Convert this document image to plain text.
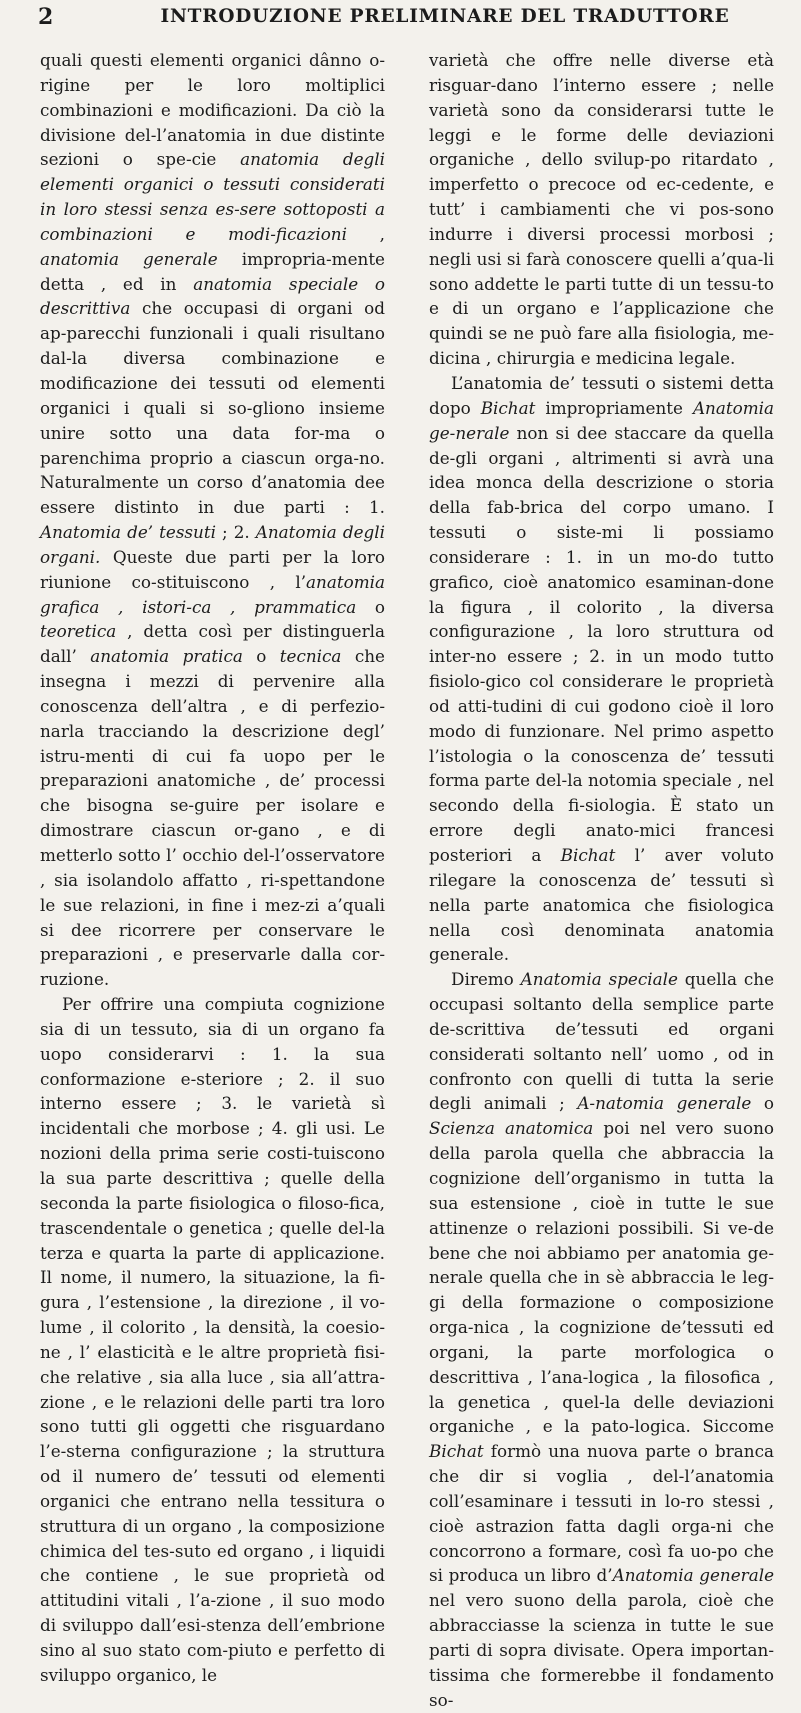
2	INTRODUZIONE PRELIMINARE DEL TRADUTTORE

quali questi elementi organici dânno o-rigine per le loro moltiplici combinazioni e modificazioni. Da ciò la divisione del-l’anatomia in due distinte sezioni o spe-cie anatomia degli elementi organici o tessuti considerati in loro stessi senza es-sere sottoposti a combinazioni e modi-ficazioni , anatomia generale impropria-mente detta , ed in anatomia speciale o descrittiva che occupasi di organi od ap-parecchi funzionali i quali risultano dal-la diversa combinazione e modificazione dei tessuti od elementi organici i quali si so-gliono insieme unire sotto una data for-ma o parenchima proprio a ciascun orga-no. Naturalmente un corso d’anatomia dee essere distinto in due parti : 1. Anatomia de’ tessuti ; 2. Anatomia degli organi. Queste due parti per la loro riunione co-stituiscono , l’anatomia grafica , istori-ca , prammatica o teoretica , detta così per distinguerla dall’ anatomia pratica o tecnica che insegna i mezzi di pervenire alla conoscenza dell’altra , e di perfezio-narla tracciando la descrizione degl’ istru-menti di cui fa uopo per le preparazioni anatomiche , de’ processi che bisogna se-guire per isolare e dimostrare ciascun or-gano , e di metterlo sotto l’ occhio del-l’osservatore , sia isolandolo affatto , ri-spettandone le sue relazioni, in fine i mez-zi a’quali si dee ricorrere per conservare le preparazioni , e preservarle dalla cor-ruzione.

Per offrire una compiuta cognizione sia di un tessuto, sia di un organo fa uopo considerarvi : 1. la sua conformazione e-steriore ; 2. il suo interno essere ; 3. le varietà sì incidentali che morbose ; 4. gli usi. Le nozioni della prima serie costi-tuiscono la sua parte descrittiva ; quelle della seconda la parte fisiologica o filoso-fica, trascendentale o genetica ; quelle del-la terza e quarta la parte di applicazione. Il nome, il numero, la situazione, la fi-gura , l’estensione , la direzione , il vo-lume , il colorito , la densità, la coesio-ne , l’ elasticità e le altre proprietà fisi-che relative , sia alla luce , sia all’attra-zione , e le relazioni delle parti tra loro sono tutti gli oggetti che risguardano l’e-sterna configurazione ; la struttura od il numero de’ tessuti od elementi organici che entrano nella tessitura o struttura di un organo , la composizione chimica del tes-suto ed organo , i liquidi che contiene , le sue proprietà od attitudini vitali , l’a-zione , il suo modo di sviluppo dall’esi-stenza dell’embrione sino al suo stato com-piuto e perfetto di sviluppo organico, le

varietà che offre nelle diverse età risguar-dano l’interno essere ; nelle varietà sono da considerarsi tutte le leggi e le forme delle deviazioni organiche , dello svilup-po ritardato , imperfetto o precoce od ec-cedente, e tutt’ i cambiamenti che vi pos-sono indurre i diversi processi morbosi ; negli usi si farà conoscere quelli a’qua-li sono addette le parti tutte di un tessu-to e di un organo e l’applicazione che quindi se ne può fare alla fisiologia, me-dicina , chirurgia e medicina legale.

L’anatomia de’ tessuti o sistemi detta dopo Bichat impropriamente Anatomia ge-nerale non si dee staccare da quella de-gli organi , altrimenti si avrà una idea monca della descrizione o storia della fab-brica del corpo umano. I tessuti o siste-mi li possiamo considerare : 1. in un mo-do tutto grafico, cioè anatomico esaminan-done la figura , il colorito , la diversa configurazione , la loro struttura od inter-no essere ; 2. in un modo tutto fisiolo-gico col considerare le proprietà od atti-tudini di cui godono cioè il loro modo di funzionare. Nel primo aspetto l’istologia o la conoscenza de’ tessuti forma parte del-la notomia speciale , nel secondo della fi-siologia. È stato un errore degli anato-mici francesi posteriori a Bichat l’ aver voluto rilegare la conoscenza de’ tessuti sì nella parte anatomica che fisiologica nella così denominata anatomia generale.

Diremo Anatomia speciale quella che occupasi soltanto della semplice parte de-scrittiva de’tessuti ed organi considerati soltanto nell’ uomo , od in confronto con quelli di tutta la serie degli animali ; A-natomia generale o Scienza anatomica poi nel vero suono della parola quella che abbraccia la cognizione dell’organismo in tutta la sua estensione , cioè in tutte le sue attinenze o relazioni possibili. Si ve-de bene che noi abbiamo per anatomia ge-nerale quella che in sè abbraccia le leg-gi della formazione o composizione orga-nica , la cognizione de’tessuti ed organi, la parte morfologica o descrittiva , l’ana-logica , la filosofica , la genetica , quel-la delle deviazioni organiche , e la pato-logica. Siccome Bichat formò una nuova parte o branca che dir si voglia , del-l’anatomia coll’esaminare i tessuti in lo-ro stessi , cioè astrazion fatta dagli orga-ni che concorrono a formare, così fa uo-po che si produca un libro d’Anatomia generale nel vero suono della parola, cioè che abbracciasse la scienza in tutte le sue parti di sopra divisate. Opera importan-tissima che formerebbe il fondamento so-
